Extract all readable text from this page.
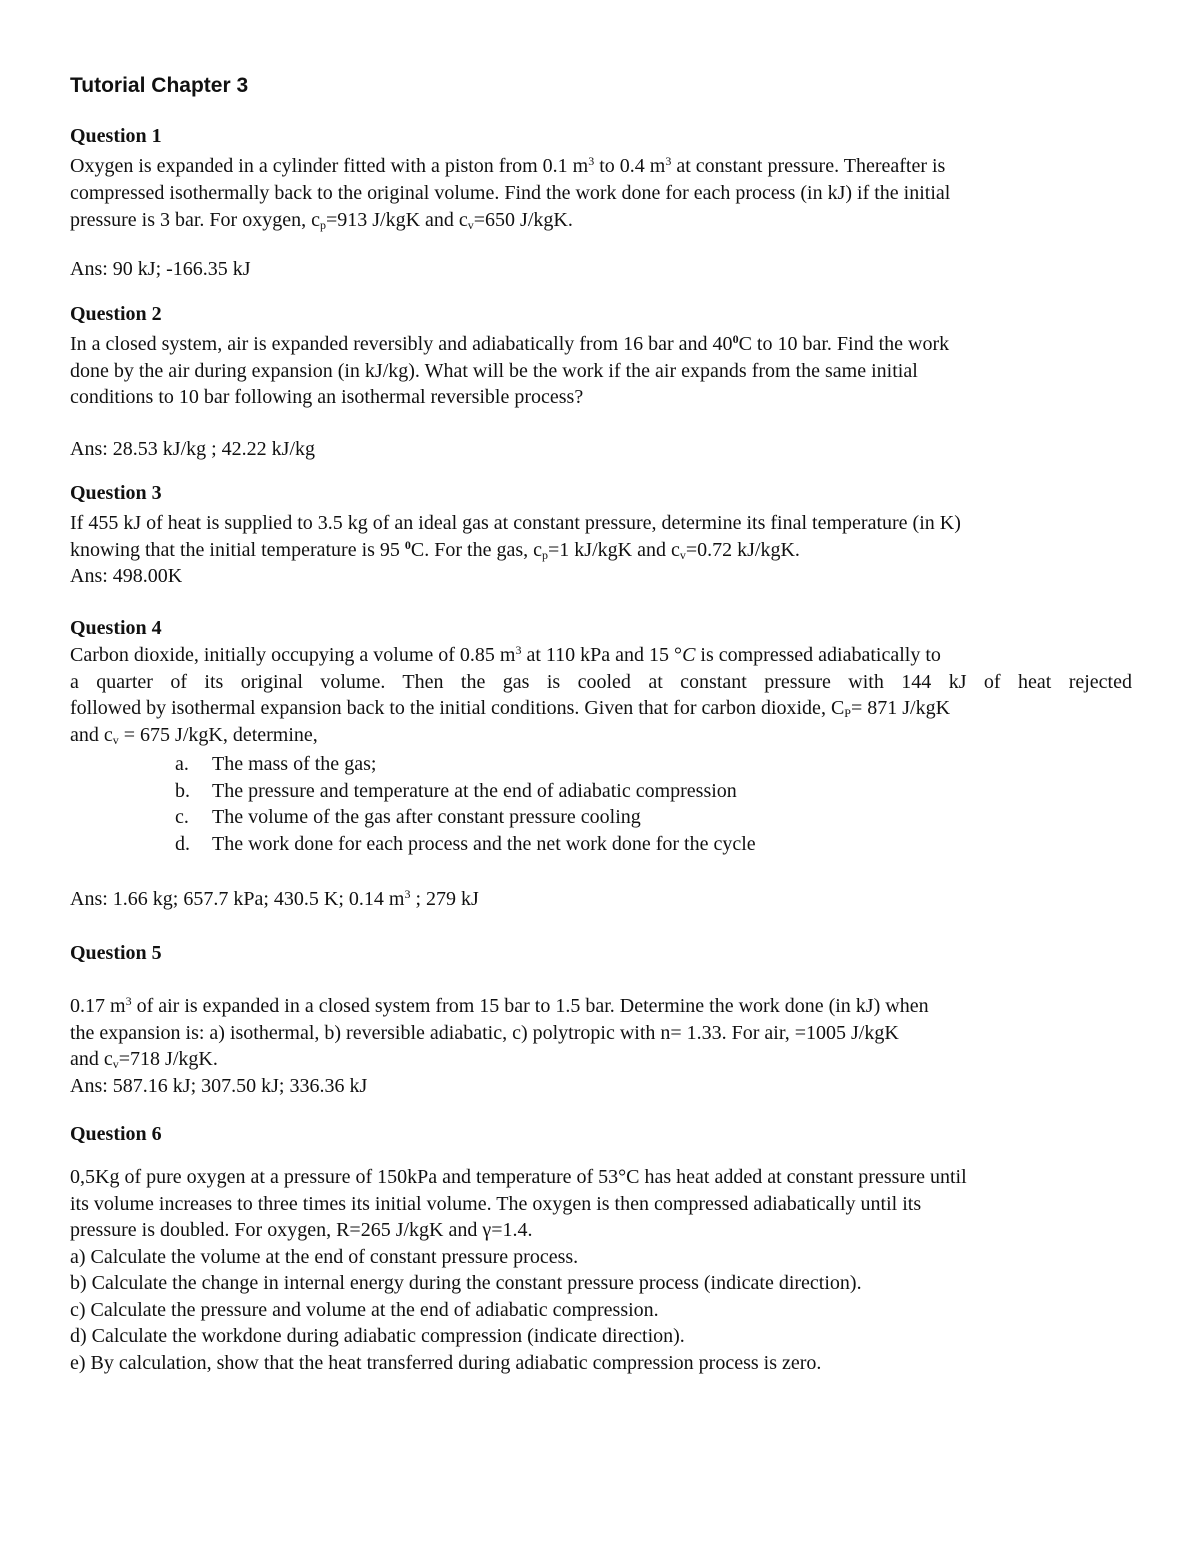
Tutorial Chapter 3
Question 1

Oxygen is expanded in a cylinder fitted with a piston from 0.1 $m^3$ to 0.4 $m^3$ at constant pressure. Thereafter is
compressed isothermally back to the original volume. Find the work done for each process (in kJ) if the initial
pressure is 3 bar. For oxygen, $c_p=913$ J/kgK and $c_v=650$ J/kgK.

Ans: 90 kJ; -166.35 kJ

Question 2

In a closed system, air is expanded reversibly and adiabatically from 16 bar and $40^0C$ to 10 bar. Find the work
done by the air during expansion (in kJ/kg). What will be the work if the air expands from the same initial
conditions to 10 bar following an isothermal reversible process?

Ans: 28.53 kJ/kg ; 42.22 kJ/kg

Question 3

If 455 kJ of heat is supplied to 3.5 kg of an ideal gas at constant pressure, determine its final temperature (in K)
knowing that the initial temperature is 95 $^0$C. For the gas, $c_p=1$ kJ/kgK and $c_v=0.72$ kJ/kgK.
Ans: 498.00K

Question 4

Carbon dioxide, initially occupying a volume of 0.85 $m^3$ at 110 kPa and 15 °C is compressed adiabatically to
a quarter of its original volume. Then the gas is cooled at constant pressure with 144 kJ of heat rejected
followed by isothermal expansion back to the initial conditions. Given that for carbon dioxide, $C_P= 871$ J/kgK
and $c_v = 675$ J/kgK, determine,

a. The mass of the gas;
b. The pressure and temperature at the end of adiabatic compression
c. The volume of the gas after constant pressure cooling
d. The work done for each process and the net work done for the cycle

Ans: 1.66 kg; 657.7 kPa; 430.5 K; 0.14 $m^3$ ; 279 kJ

Question 5

0.17 $m^3$ of air is expanded in a closed system from 15 bar to 1.5 bar. Determine the work done (in kJ) when
the expansion is: a) isothermal, b) reversible adiabatic, c) polytropic with n= 1.33. For air, =1005 J/kgK
and $c_v=718$ J/kgK.
Ans: 587.16 kJ; 307.50 kJ; 336.36 kJ

Question 6

0,5Kg of pure oxygen at a pressure of 150kPa and temperature of 53°C has heat added at constant pressure until
its volume increases to three times its initial volume. The oxygen is then compressed adiabatically until its
pressure is doubled. For oxygen, R=265 J/kgK and γ=1.4.
a) Calculate the volume at the end of constant pressure process.
b) Calculate the change in internal energy during the constant pressure process (indicate direction).
c) Calculate the pressure and volume at the end of adiabatic compression.
d) Calculate the workdone during adiabatic compression (indicate direction).
e) By calculation, show that the heat transferred during adiabatic compression process is zero.
